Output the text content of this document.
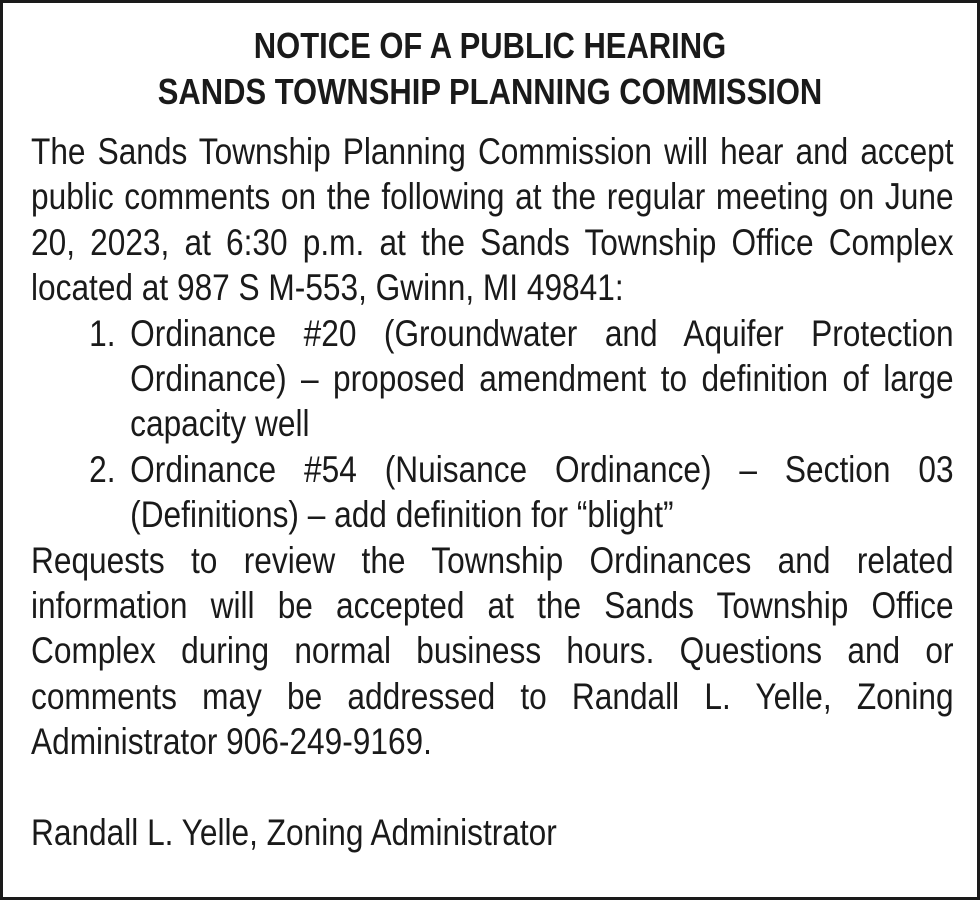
NOTICE OF A PUBLIC HEARING
SANDS TOWNSHIP PLANNING COMMISSION

The Sands Township Planning Commission will hear and accept public comments on the following at the regular meeting on June 20, 2023, at 6:30 p.m. at the Sands Township Office Complex located at 987 S M-553, Gwinn, MI 49841:

1. Ordinance #20 (Groundwater and Aquifer Protection Ordinance) – proposed amendment to definition of large capacity well
2. Ordinance #54 (Nuisance Ordinance) – Section 03 (Definitions) – add definition for “blight”

Requests to review the Township Ordinances and related information will be accepted at the Sands Township Office Complex during normal business hours. Questions and or comments may be addressed to Randall L. Yelle, Zoning Administrator 906-249-9169.

Randall L. Yelle, Zoning Administrator
